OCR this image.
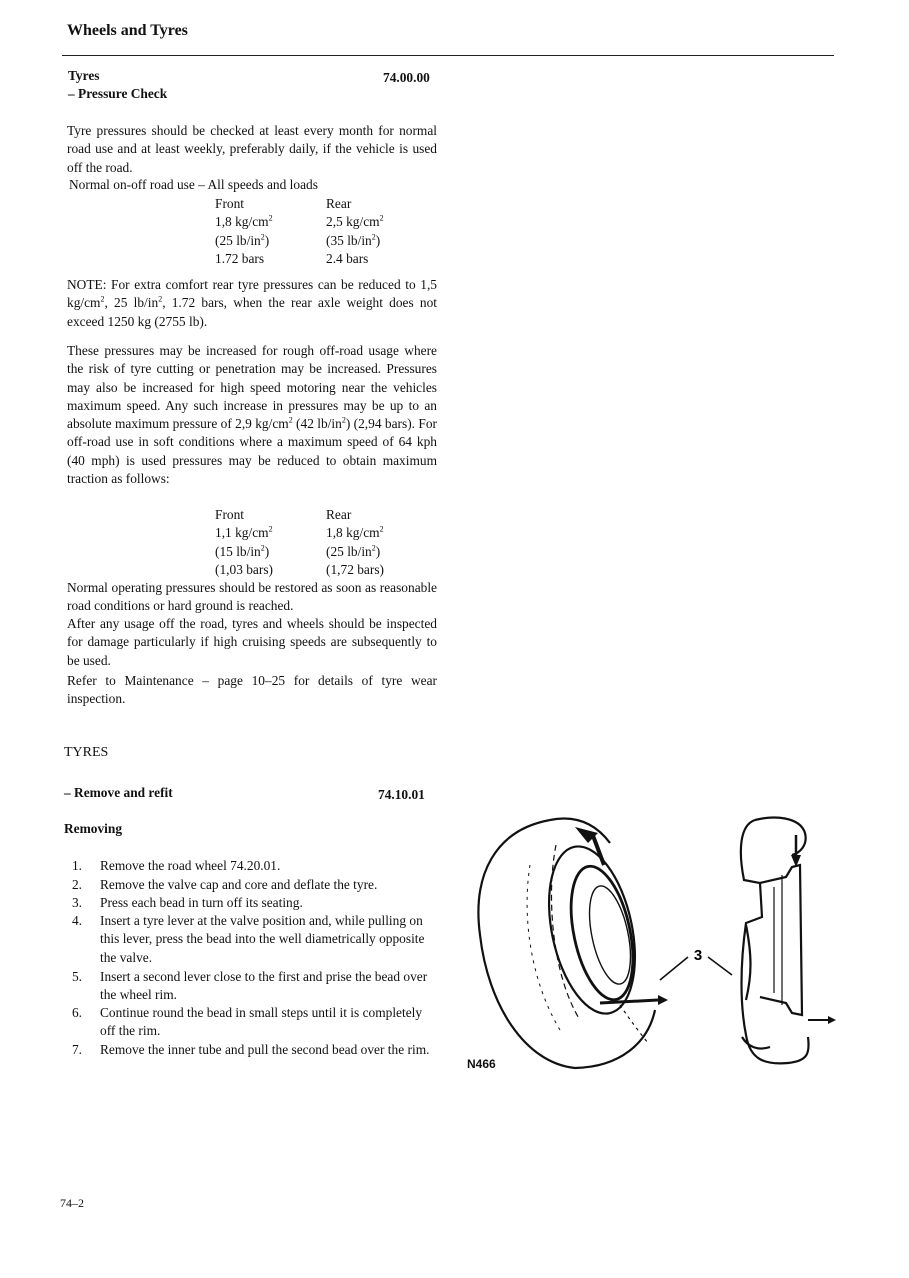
Wheels and Tyres
Tyres
– Pressure Check
74.00.00
Tyre pressures should be checked at least every month for normal road use and at least weekly, preferably daily, if the vehicle is used off the road.
Normal on-off road use – All speeds and loads
Front
1,8 $kg/cm^2$
(25 $lb/in^2$)
1.72 bars
Rear
2,5 $kg/cm^2$
(35 $lb/in^2$)
2.4 bars
NOTE: For extra comfort rear tyre pressures can be reduced to 1,5 $kg/cm^2$, 25 $lb/in^2$, 1.72 bars, when the rear axle weight does not exceed 1250 kg (2755 lb).
These pressures may be increased for rough off-road usage where the risk of tyre cutting or penetration may be increased. Pressures may also be increased for high speed motoring near the vehicles maximum speed. Any such increase in pressures may be up to an absolute maximum pressure of 2,9 $kg/cm^2$ (42 $lb/in^2$) (2,94 bars). For off-road use in soft conditions where a maximum speed of 64 kph (40 mph) is used pressures may be reduced to obtain maximum traction as follows:
Front
1,1 $kg/cm^2$
(15 $lb/in^2$)
(1,03 bars)
Rear
1,8 $kg/cm^2$
(25 $lb/in^2$)
(1,72 bars)
Normal operating pressures should be restored as soon as reasonable road conditions or hard ground is reached.
After any usage off the road, tyres and wheels should be inspected for damage particularly if high cruising speeds are subsequently to be used.
Refer to Maintenance – page 10–25 for details of tyre wear inspection.
TYRES
– Remove and refit	74.10.01
Removing
1. Remove the road wheel 74.20.01.
2. Remove the valve cap and core and deflate the tyre.
3. Press each bead in turn off its seating.
4. Insert a tyre lever at the valve position and, while pulling on this lever, press the bead into the well diametrically opposite the valve.
5. Insert a second lever close to the first and prise the bead over the wheel rim.
6. Continue round the bead in small steps until it is completely off the rim.
7. Remove the inner tube and pull the second bead over the rim.
3
N466
74–2
